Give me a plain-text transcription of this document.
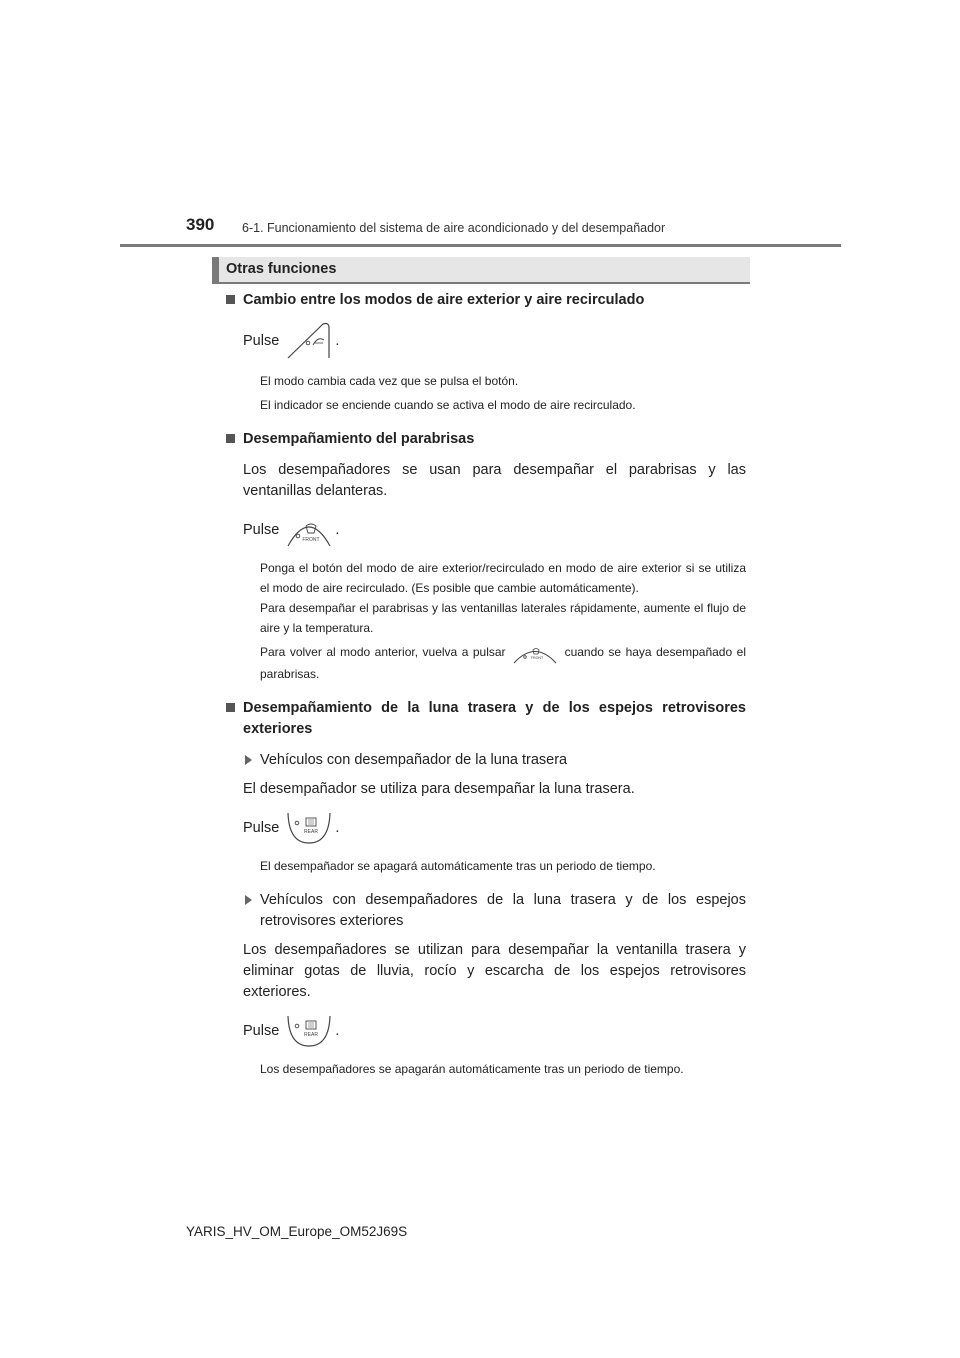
390 6-1. Funcionamiento del sistema de aire acondicionado y del desempañador
Otras funciones
Cambio entre los modos de aire exterior y aire recirculado
Pulse
	.
El modo cambia cada vez que se pulsa el botón.
El indicador se enciende cuando se activa el modo de aire recirculado.
Desempañamiento del parabrisas
Los desempañadores se usan para desempañar el parabrisas y las ventanillas delanteras.
Pulse

FRONT
.
Ponga el botón del modo de aire exterior/recirculado en modo de aire exterior si se utiliza el modo de aire recirculado. (Es posible que cambie automáticamente).
Para desempañar el parabrisas y las ventanillas laterales rápidamente, aumente el flujo de aire y la temperatura.
Para volver al modo anterior, vuelva a pulsar	FRONT cuando se haya desempañado el parabrisas.
Desempañamiento de la luna trasera y de los espejos retrovisores exteriores
Vehículos con desempañador de la luna trasera
El desempañador se utiliza para desempañar la luna trasera.
Pulse
	REAR .
El desempañador se apagará automáticamente tras un periodo de tiempo.
Vehículos con desempañadores de la luna trasera y de los espejos retrovisores exteriores
Los desempañadores se utilizan para desempañar la ventanilla trasera y eliminar gotas de lluvia, rocío y escarcha de los espejos retrovisores exteriores.
Pulse
	REAR .
Los desempañadores se apagarán automáticamente tras un periodo de tiempo.
YARIS_HV_OM_Europe_OM52J69S
